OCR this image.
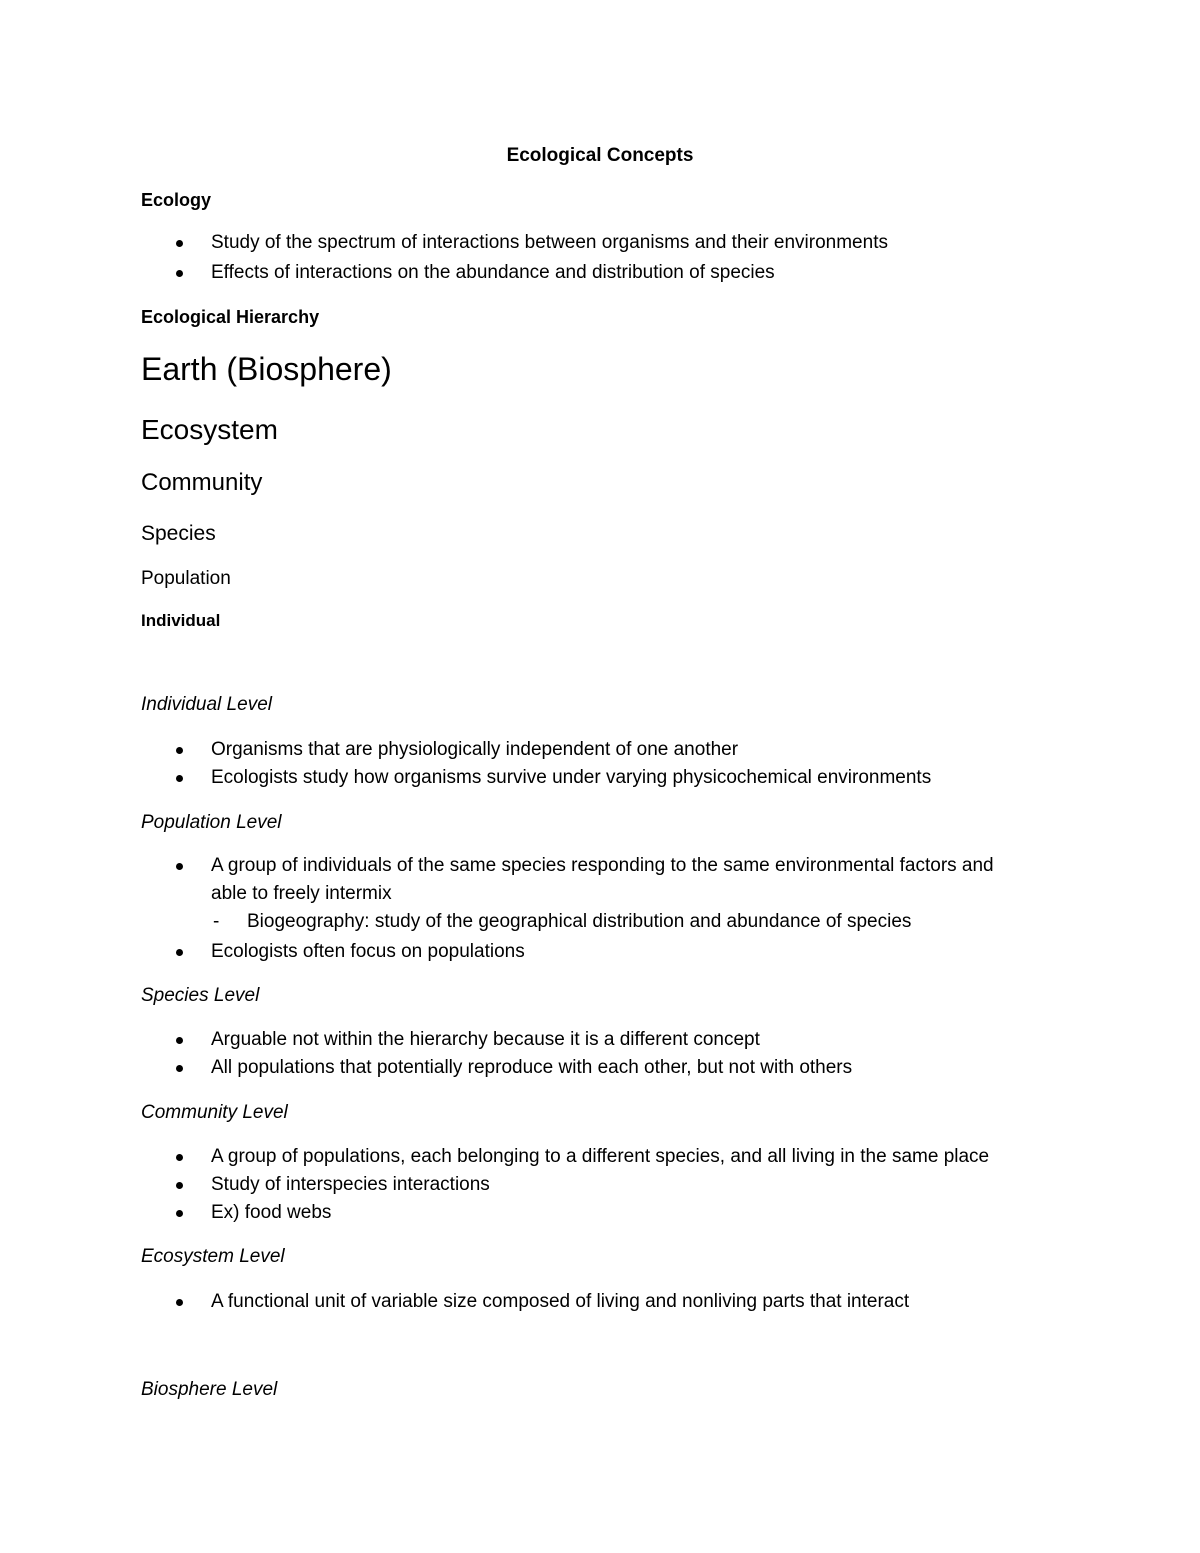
Ecological Concepts
Ecology
Study of the spectrum of interactions between organisms and their environments
Effects of interactions on the abundance and distribution of species
Ecological Hierarchy
Earth (Biosphere)
Ecosystem
Community
Species
Population
Individual
Individual Level
Organisms that are physiologically independent of one another
Ecologists study how organisms survive under varying physicochemical environments
Population Level
A group of individuals of the same species responding to the same environmental factors and
able to freely intermix
- Biogeography: study of the geographical distribution and abundance of species
Ecologists often focus on populations
Species Level
Arguable not within the hierarchy because it is a different concept
All populations that potentially reproduce with each other, but not with others
Community Level
A group of populations, each belonging to a different species, and all living in the same place
Study of interspecies interactions
Ex) food webs
Ecosystem Level
A functional unit of variable size composed of living and nonliving parts that interact
Biosphere Level
